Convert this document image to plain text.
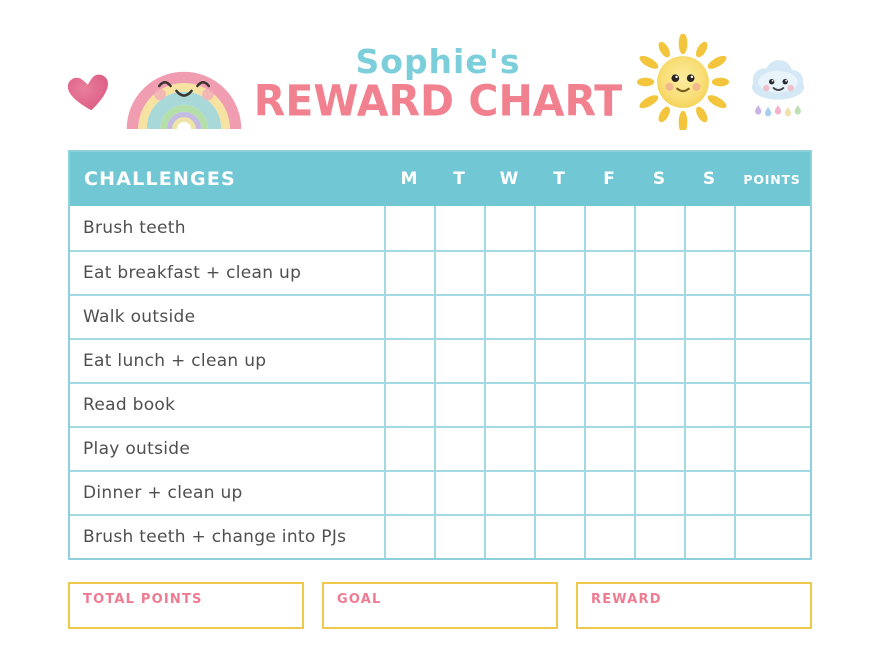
Sophie's
REWARD CHART
CHALLENGES	M	T	W	T	F	S	S	POINTS
Brush teeth
Eat breakfast + clean up
Walk outside
Eat lunch + clean up
Read book
Play outside
Dinner + clean up
Brush teeth + change into PJs
TOTAL POINTS	GOAL	REWARD
